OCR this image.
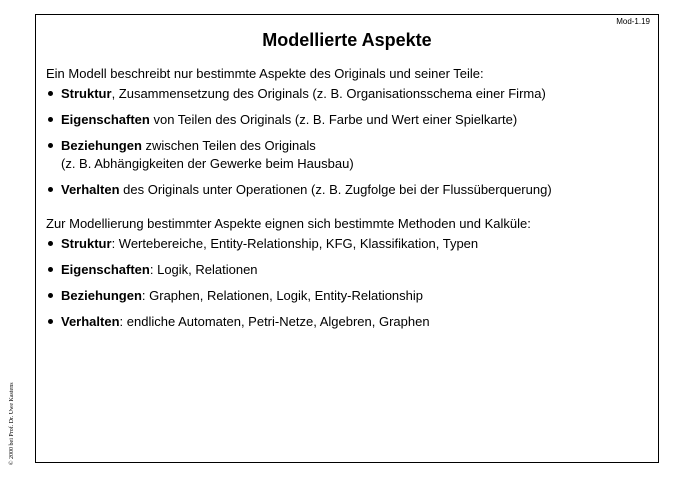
Mod-1.19
Modellierte Aspekte

Ein Modell beschreibt nur bestimmte Aspekte des Originals und seiner Teile:

Struktur, Zusammensetzung des Originals (z. B. Organisationsschema einer Firma)
Eigenschaften von Teilen des Originals (z. B. Farbe und Wert einer Spielkarte)
Beziehungen zwischen Teilen des Originals
(z. B. Abhängigkeiten der Gewerke beim Hausbau)
Verhalten des Originals unter Operationen (z. B. Zugfolge bei der Flussüberquerung)

Zur Modellierung bestimmter Aspekte eignen sich bestimmte Methoden und Kalküle:

Struktur: Wertebereiche, Entity-Relationship, KFG, Klassifikation, Typen
Eigenschaften: Logik, Relationen
Beziehungen: Graphen, Relationen, Logik, Entity-Relationship
Verhalten: endliche Automaten, Petri-Netze, Algebren, Graphen
© 2000 bei Prof. Dr. Uwe Kastens
